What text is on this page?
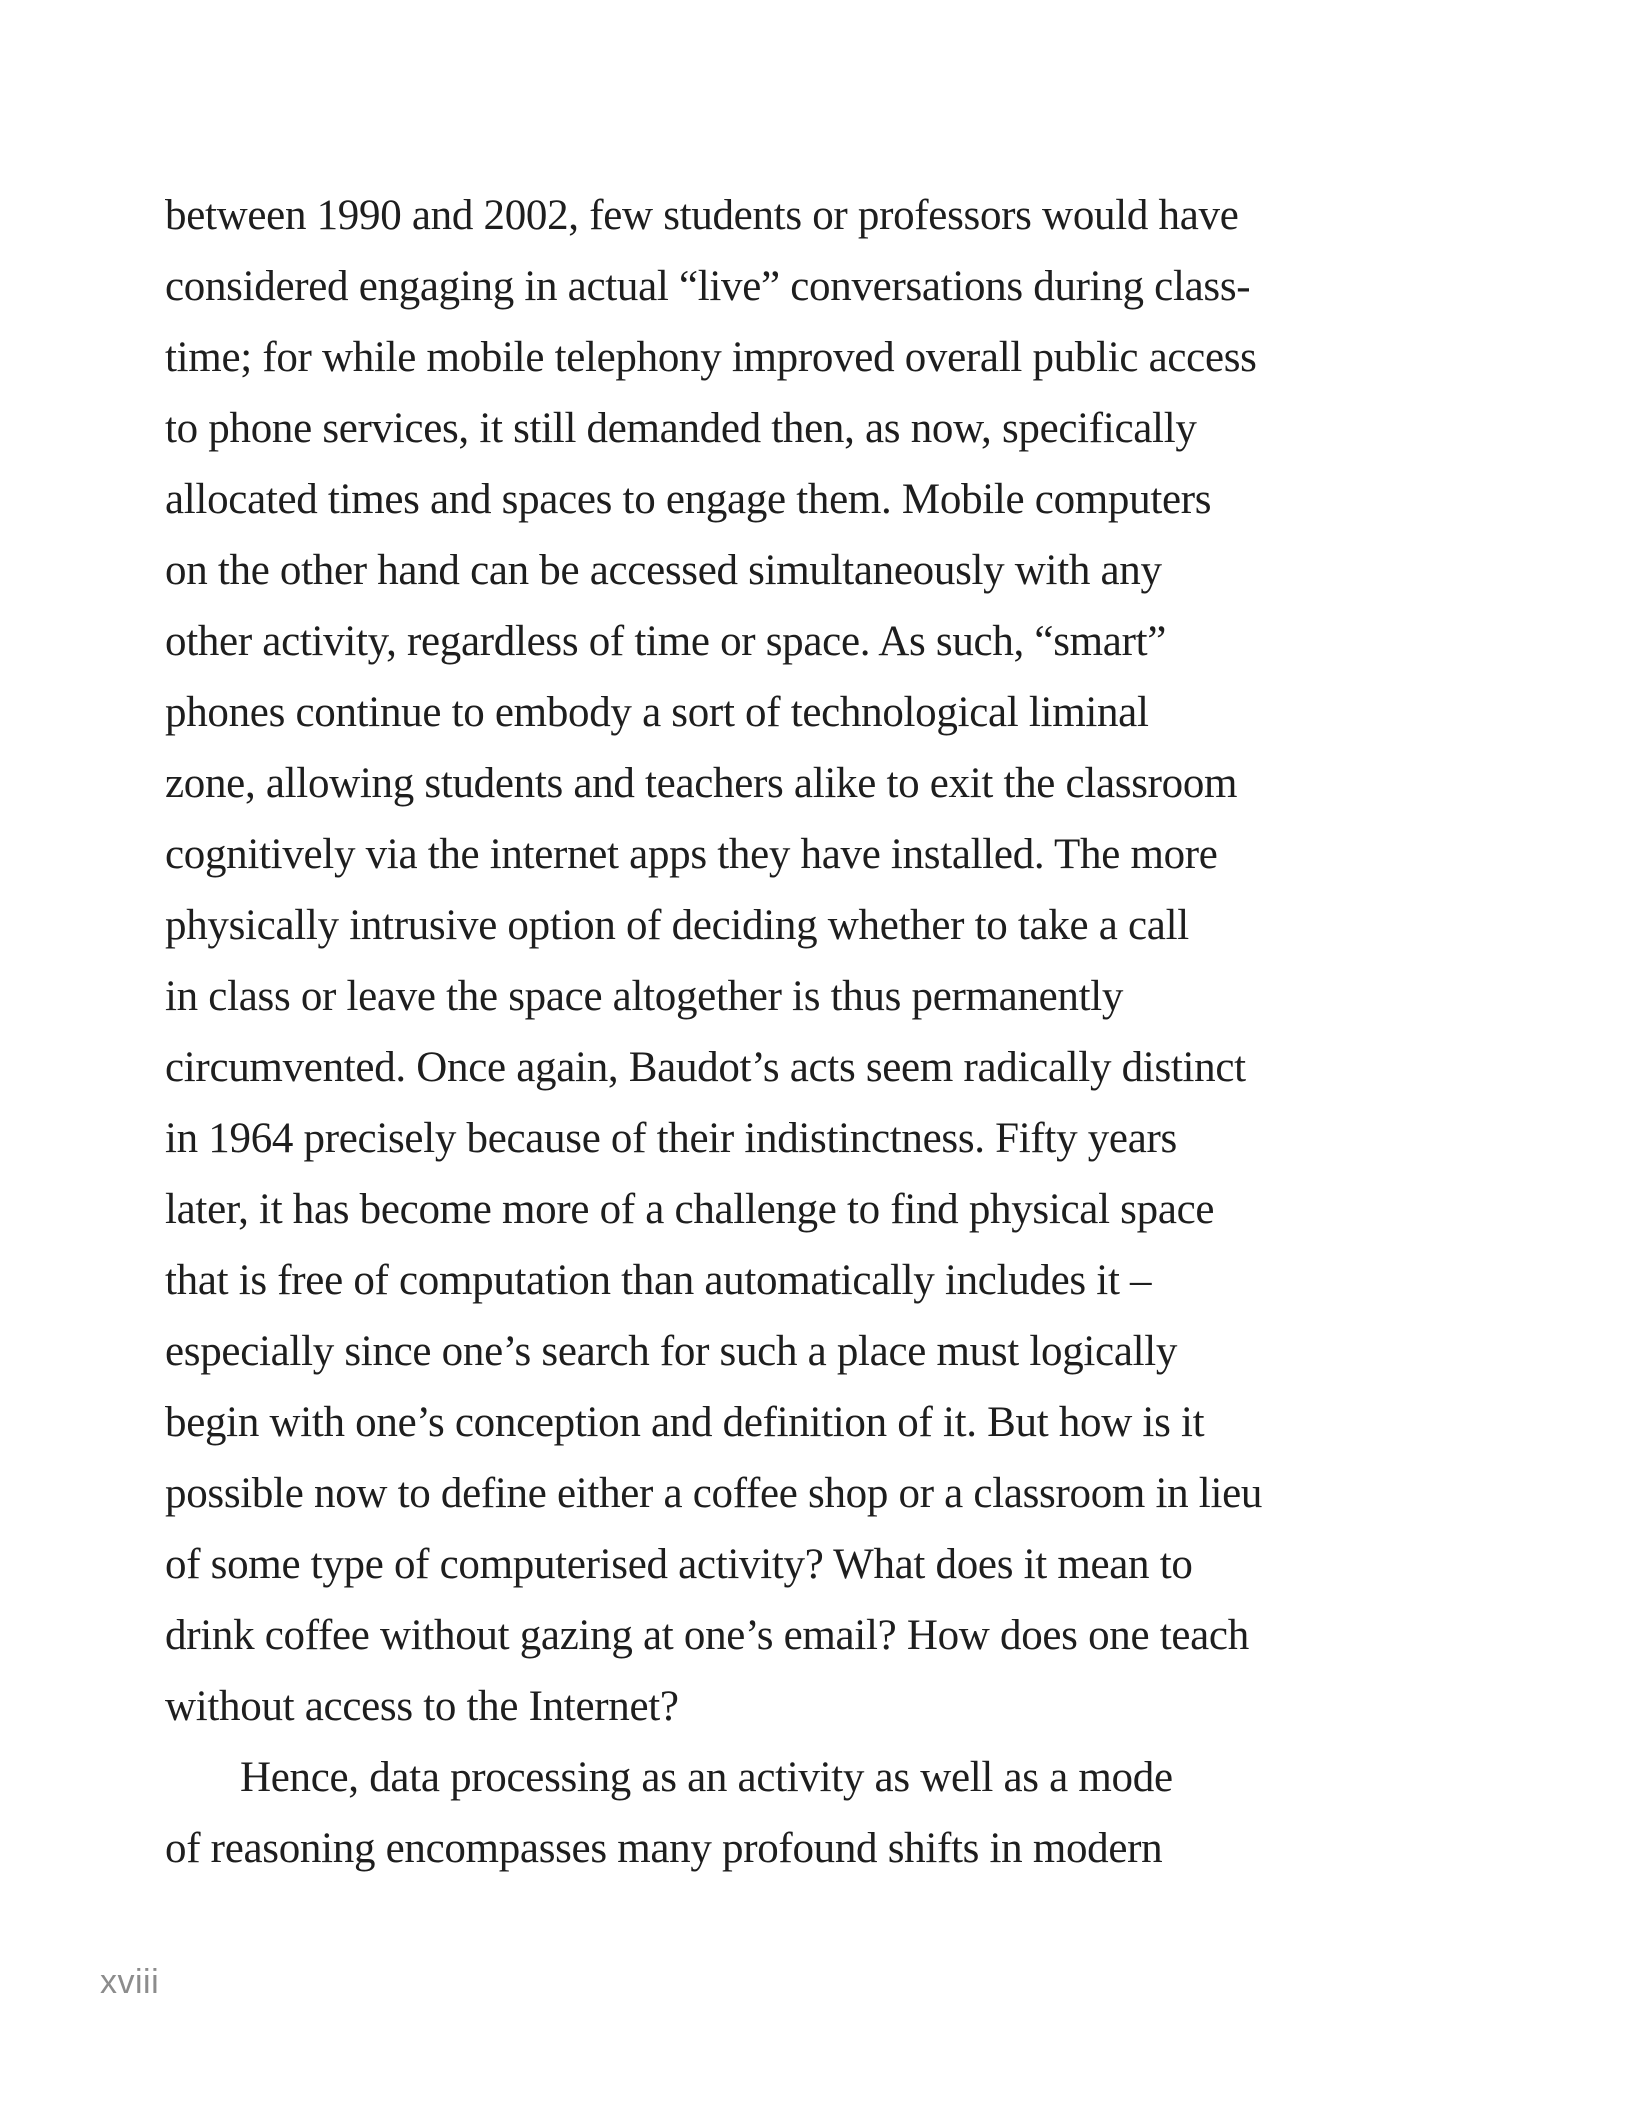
between 1990 and 2002, few students or professors would have
considered engaging in actual “live” conversations during class-
time; for while mobile telephony improved overall public access
to phone services, it still demanded then, as now, specifically
allocated times and spaces to engage them. Mobile computers
on the other hand can be accessed simultaneously with any
other activity, regardless of time or space. As such, “smart”
phones continue to embody a sort of technological liminal
zone, allowing students and teachers alike to exit the classroom
cognitively via the internet apps they have installed. The more
physically intrusive option of deciding whether to take a call
in class or leave the space altogether is thus permanently
circumvented. Once again, Baudot’s acts seem radically distinct
in 1964 precisely because of their indistinctness. Fifty years
later, it has become more of a challenge to find physical space
that is free of computation than automatically includes it –
especially since one’s search for such a place must logically
begin with one’s conception and definition of it. But how is it
possible now to define either a coffee shop or a classroom in lieu
of some type of computerised activity? What does it mean to
drink coffee without gazing at one’s email? How does one teach
without access to the Internet?
Hence, data processing as an activity as well as a mode
of reasoning encompasses many profound shifts in modern
xviii
